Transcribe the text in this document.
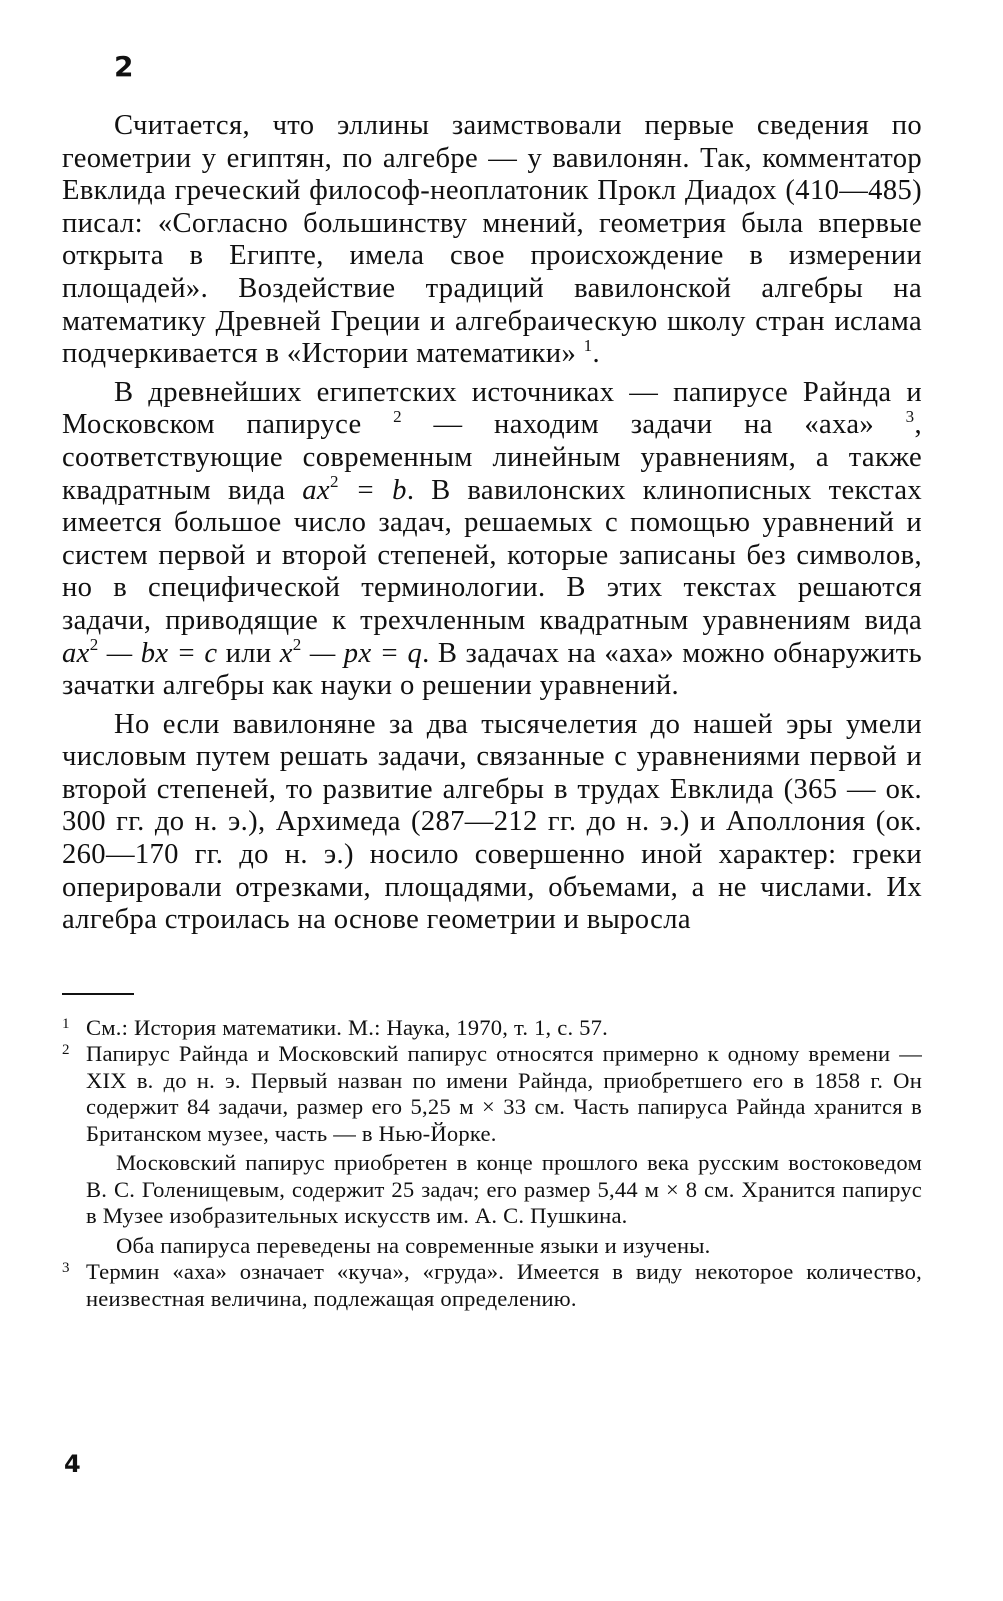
2

Считается, что эллины заимствовали первые сведения по геометрии у египтян, по алгебре — у вавилонян. Так, комментатор Евклида греческий философ-неоплатоник Прокл Диадох (410—485) писал: «Согласно большинству мнений, геометрия была впервые открыта в Египте, имела свое происхождение в измерении площадей». Воздействие традиций вавилонской алгебры на математику Древней Греции и алгебраическую школу стран ислама подчеркивается в «Истории математики» $^1$.

В древнейших египетских источниках — папирусе Райнда и Московском папирусе $^2$ — находим задачи на «аха» $^3$, соответствующие современным линейным уравнениям, а также квадратным вида $ax^2 = b$. В вавилонских клинописных текстах имеется большое число задач, решаемых с помощью уравнений и систем первой и второй степеней, которые записаны без символов, но в специфической терминологии. В этих текстах решаются задачи, приводящие к трехчленным квадратным уравнениям вида $ax^2$ — bx = c или $x^2$ — px = q. В задачах на «аха» можно обнаружить зачатки алгебры как науки о решении уравнений.

Но если вавилоняне за два тысячелетия до нашей эры умели числовым путем решать задачи, связанные с уравнениями первой и второй степеней, то развитие алгебры в трудах Евклида (365 — ок. 300 гг. до н. э.), Архимеда (287—212 гг. до н. э.) и Аполлония (ок. 260—170 гг. до н. э.) носило совершенно иной характер: греки оперировали отрезками, площадями, объемами, а не числами. Их алгебра строилась на основе геометрии и выросла

1 См.: История математики. М.: Наука, 1970, т. 1, с. 57.
2 Папирус Райнда и Московский папирус относятся примерно к одному времени — XIX в. до н. э. Первый назван по имени Райнда, приобретшего его в 1858 г. Он содержит 84 задачи, размер его 5,25 м × 33 см. Часть папируса Райнда хранится в Британском музее, часть — в Нью-Йорке.
Московский папирус приобретен в конце прошлого века русским востоковедом В. С. Голенищевым, содержит 25 задач; его размер 5,44 м × 8 см. Хранится папирус в Музее изобразительных искусств им. А. С. Пушкина.
Оба папируса переведены на современные языки и изучены.
3 Термин «аха» означает «куча», «груда». Имеется в виду некоторое количество, неизвестная величина, подлежащая определению.
4
